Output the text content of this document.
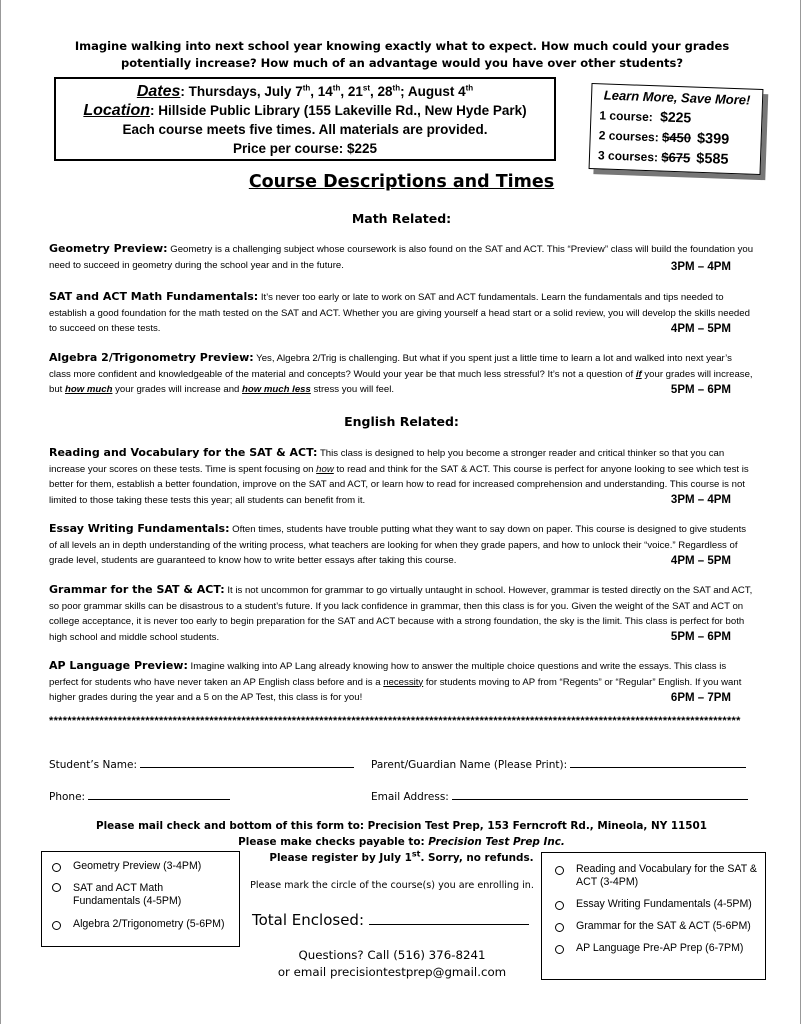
Imagine walking into next school year knowing exactly what to expect. How much could your grades
potentially increase? How much of an advantage would you have over other students?
Dates: Thursdays, July 7th, 14th, 21st, 28th; August 4th
Location: Hillside Public Library (155 Lakeville Rd., New Hyde Park)
Each course meets five times. All materials are provided.
Price per course: $225
Learn More, Save More!
1 course: $225
2 courses: $450 $399
3 courses: $675 $585
Course Descriptions and Times
Math Related:
Geometry Preview: Geometry is a challenging subject whose coursework is also found on the SAT and ACT. This “Preview” class will build the foundation you need to succeed in geometry during the school year and in the future.	3PM – 4PM
SAT and ACT Math Fundamentals: It’s never too early or late to work on SAT and ACT fundamentals. Learn the fundamentals and tips needed to establish a good foundation for the math tested on the SAT and ACT. Whether you are giving yourself a head start or a solid review, you will develop the skills needed to succeed on these tests.	4PM – 5PM
Algebra 2/Trigonometry Preview: Yes, Algebra 2/Trig is challenging. But what if you spent just a little time to learn a lot and walked into next year’s class more confident and knowledgeable of the material and concepts? Would your year be that much less stressful? It’s not a question of if your grades will increase, but how much your grades will increase and how much less stress you will feel.	5PM – 6PM
English Related:
Reading and Vocabulary for the SAT & ACT: This class is designed to help you become a stronger reader and critical thinker so that you can increase your scores on these tests. Time is spent focusing on how to read and think for the SAT & ACT. This course is perfect for anyone looking to see which test is better for them, establish a better foundation, improve on the SAT and ACT, or learn how to read for increased comprehension and understanding. This course is not limited to those taking these tests this year; all students can benefit from it.	3PM – 4PM
Essay Writing Fundamentals: Often times, students have trouble putting what they want to say down on paper. This course is designed to give students of all levels an in depth understanding of the writing process, what teachers are looking for when they grade papers, and how to unlock their “voice.” Regardless of grade level, students are guaranteed to know how to write better essays after taking this course.	4PM – 5PM
Grammar for the SAT & ACT: It is not uncommon for grammar to go virtually untaught in school. However, grammar is tested directly on the SAT and ACT, so poor grammar skills can be disastrous to a student’s future. If you lack confidence in grammar, then this class is for you. Given the weight of the SAT and ACT on college acceptance, it is never too early to begin preparation for the SAT and ACT because with a strong foundation, the sky is the limit. This class is perfect for both high school and middle school students.	5PM – 6PM
AP Language Preview: Imagine walking into AP Lang already knowing how to answer the multiple choice questions and write the essays. This class is perfect for students who have never taken an AP English class before and is a necessity for students moving to AP from “Regents” or “Regular” English. If you want higher grades during the year and a 5 on the AP Test, this class is for you!	6PM – 7PM
*******************************************************************************************************************************************************
Student’s Name:	Parent/Guardian Name (Please Print):
Phone:	Email Address:
Please mail check and bottom of this form to: Precision Test Prep, 153 Ferncroft Rd., Mineola, NY 11501
Please make checks payable to: Precision Test Prep Inc.
Please register by July 1st. Sorry, no refunds.
Geometry Preview (3-4PM)
SAT and ACT Math Fundamentals (4-5PM)
Algebra 2/Trigonometry (5-6PM)
Please mark the circle of the course(s) you are enrolling in.
Total Enclosed:
Questions? Call (516) 376-8241
or email precisiontestprep@gmail.com
Reading and Vocabulary for the SAT & ACT (3-4PM)
Essay Writing Fundamentals (4-5PM)
Grammar for the SAT & ACT (5-6PM)
AP Language Pre-AP Prep (6-7PM)
